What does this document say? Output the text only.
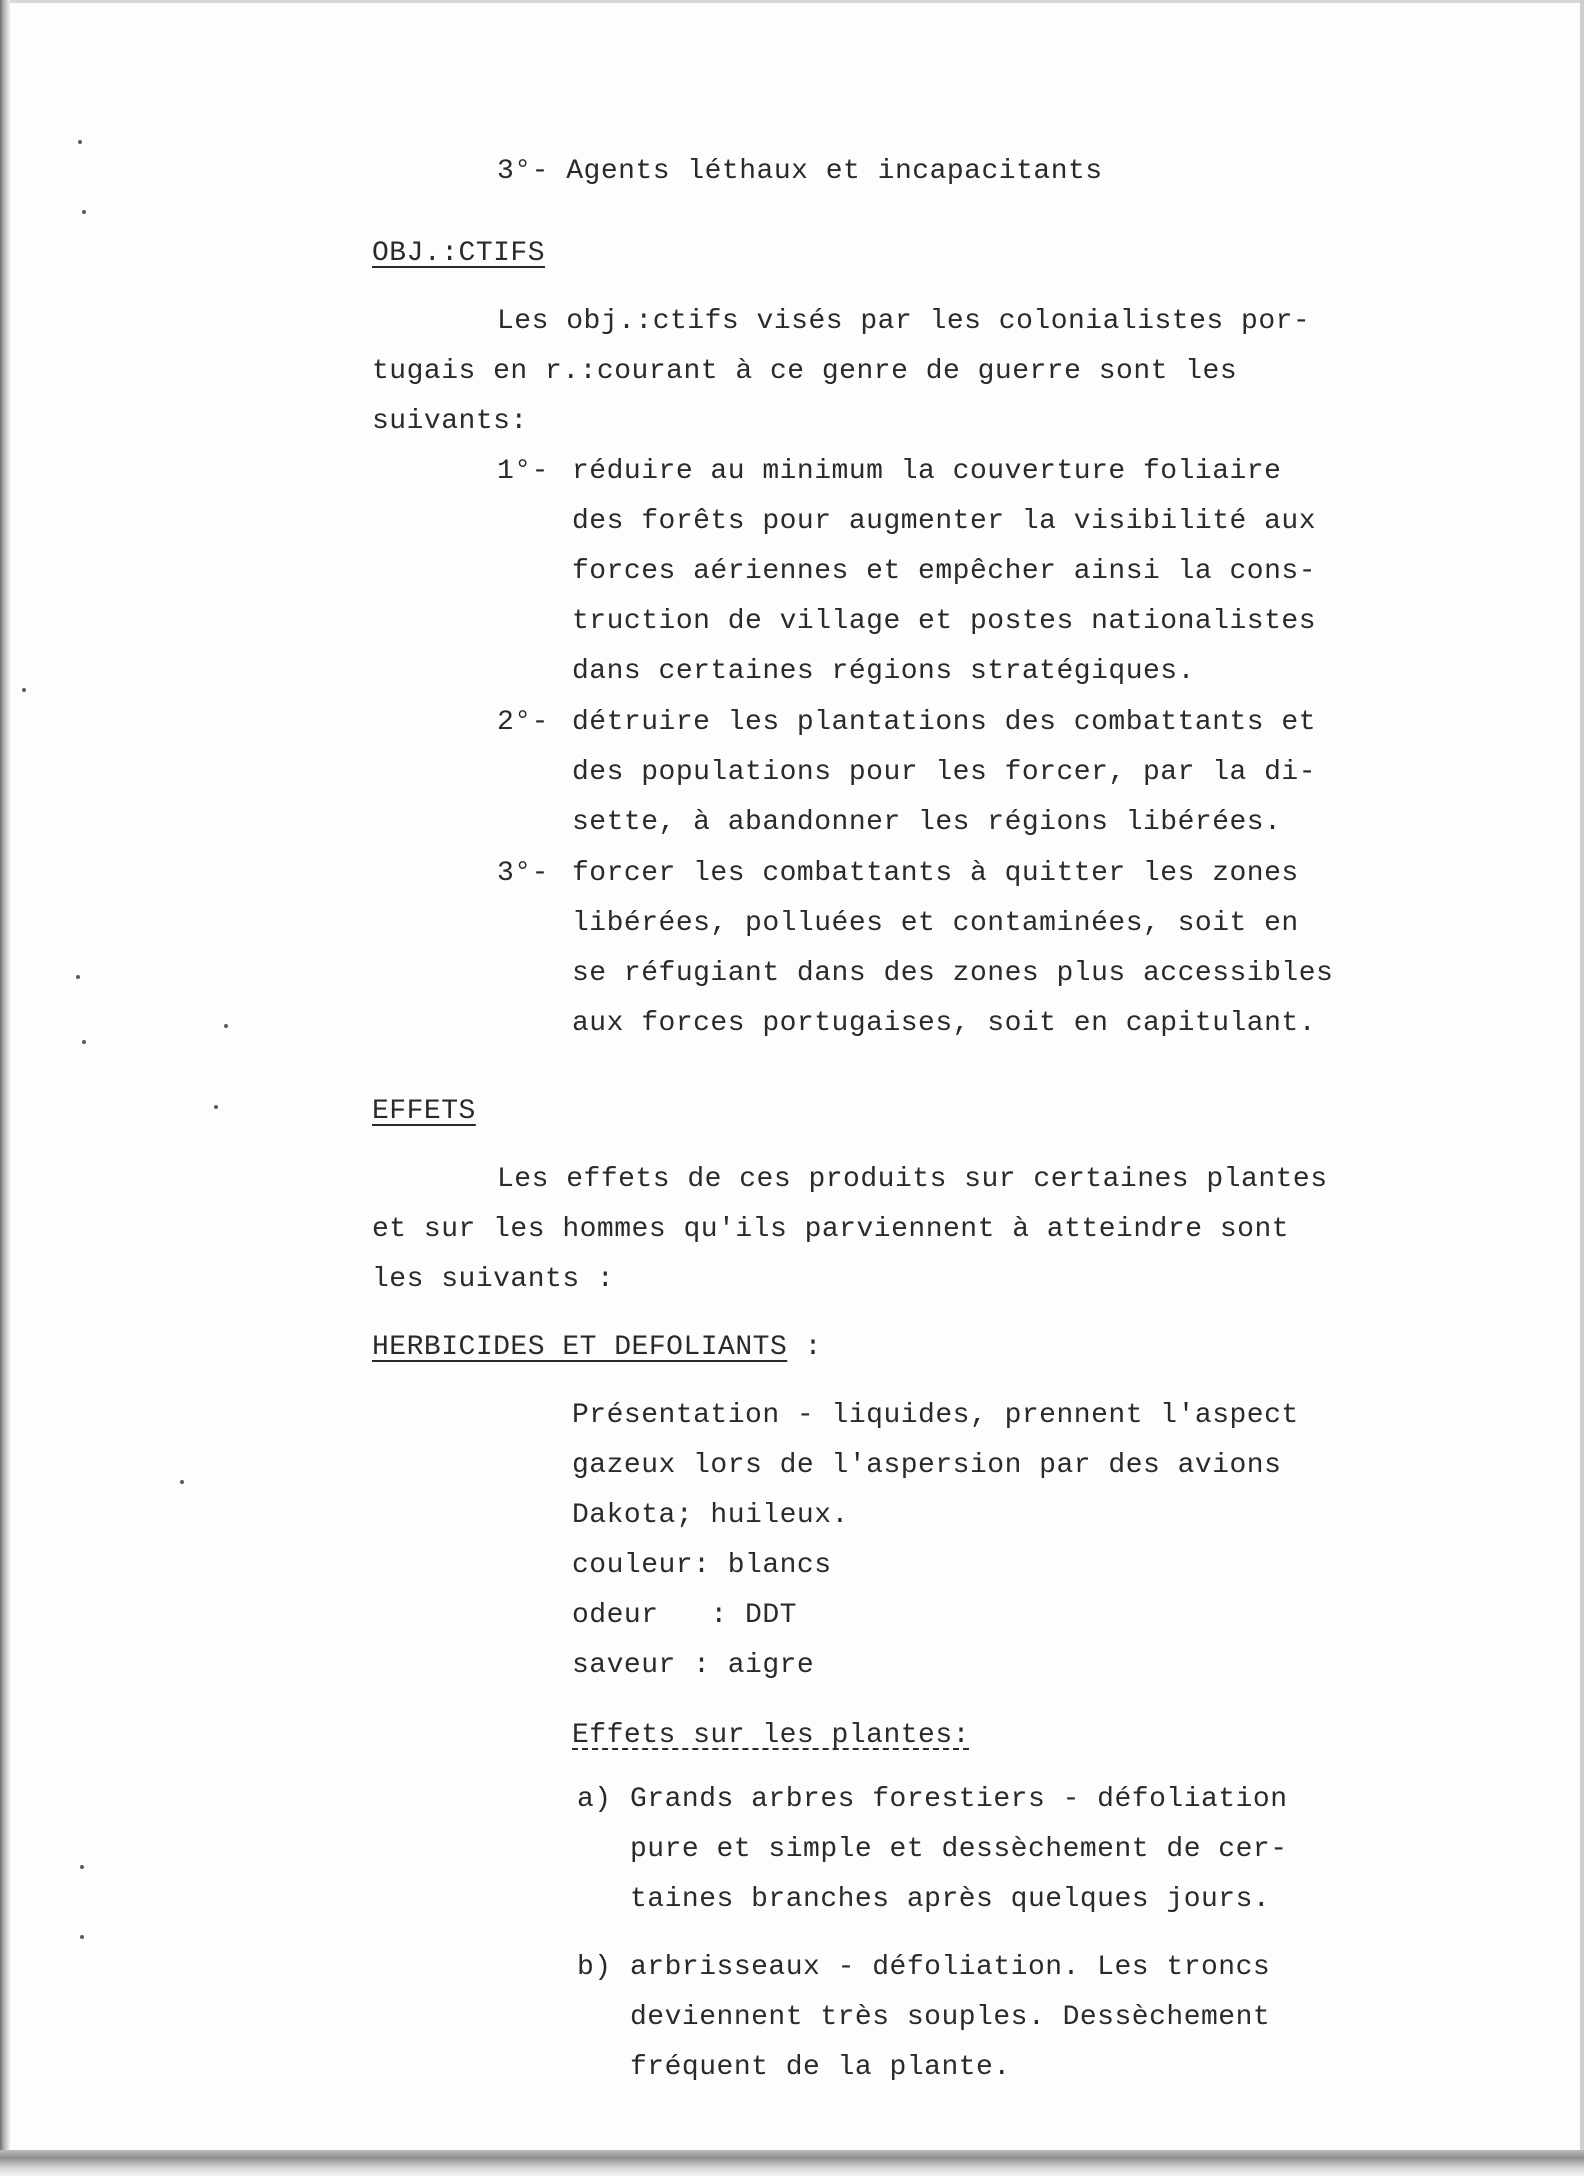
3°- Agents léthaux et incapacitants

OBJ.:CTIFS

Les obj.:ctifs visés par les colonialistes por-

tugais en r.:courant à ce genre de guerre sont les

suivants:

1°- réduire au minimum la couverture foliaire

des forêts pour augmenter la visibilité aux

forces aériennes et empêcher ainsi la cons-

truction de village et postes nationalistes

dans certaines régions stratégiques.

2°- détruire les plantations des combattants et

des populations pour les forcer, par la di-

sette, à abandonner les régions libérées.

3°- forcer les combattants à quitter les zones

libérées, polluées et contaminées, soit en

se réfugiant dans des zones plus accessibles

aux forces portugaises, soit en capitulant.

EFFETS

Les effets de ces produits sur certaines plantes

et sur les hommes qu'ils parviennent à atteindre sont

les suivants :

HERBICIDES ET DEFOLIANTS :

Présentation - liquides, prennent l'aspect

gazeux lors de l'aspersion par des avions

Dakota; huileux.

couleur: blancs

odeur   : DDT

saveur : aigre

Effets sur les plantes:

a) Grands arbres forestiers - défoliation

pure et simple et dessèchement de cer-

taines branches après quelques jours.

b) arbrisseaux - défoliation. Les troncs

deviennent très souples. Dessèchement

fréquent de la plante.
